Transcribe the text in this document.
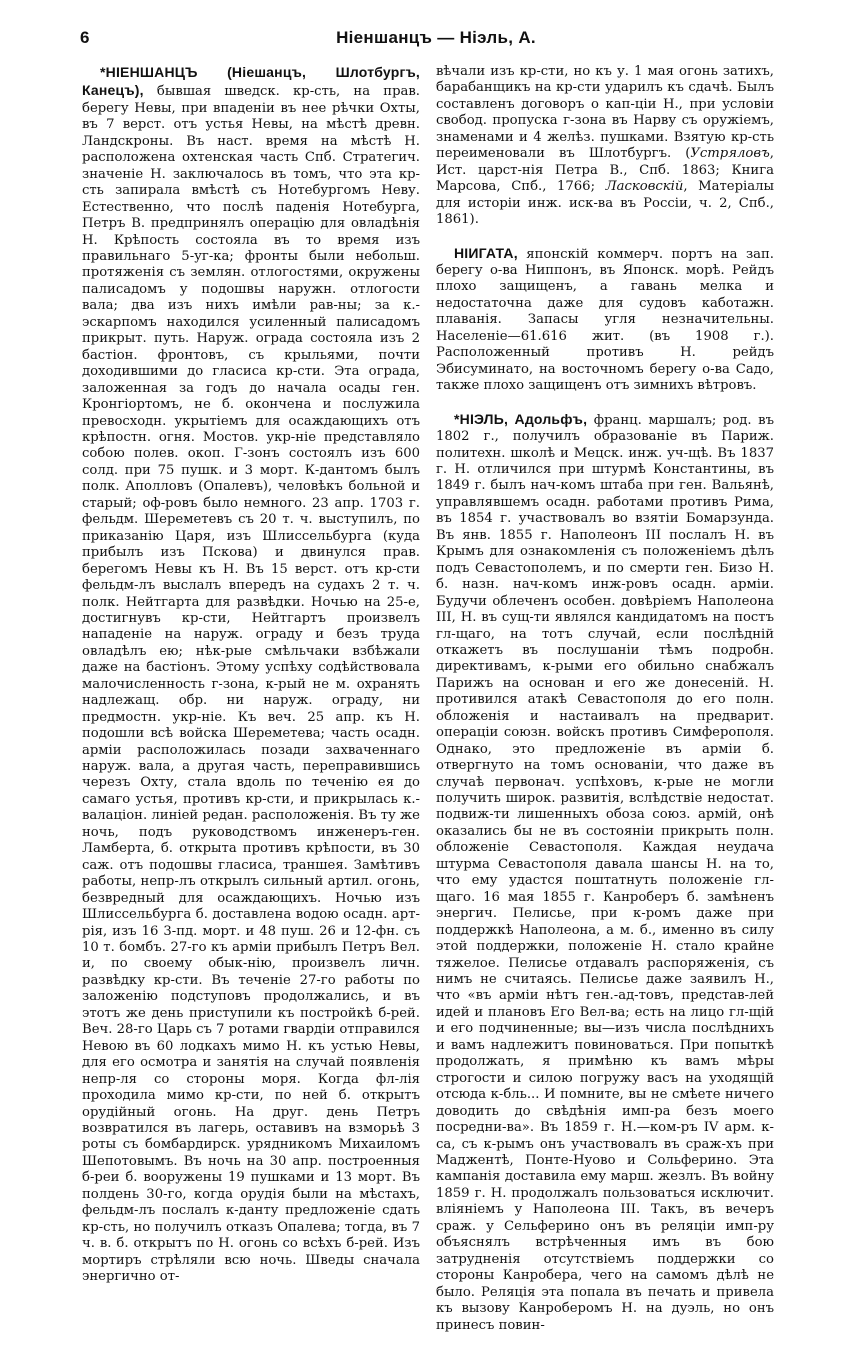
6	Ніеншанцъ — Ніэль, А.

*НІЕНШАНЦЪ (Ніешанцъ, Шлотбургъ, Канецъ), бывшая шведск. кр-сть, на прав. берегу Невы, при впаденіи въ нее рѣчки Охты, въ 7 верст. отъ устья Невы, на мѣстѣ древн. Ландскроны. Въ наст. время на мѣстѣ Н. расположена охтенская часть Спб. Стратегич. значеніе Н. заключалось въ томъ, что эта кр-сть запирала вмѣстѣ съ Нотебургомъ Неву. Естественно, что послѣ паденія Нотебурга, Петръ В. предпринялъ операцію для овладѣнія Н. Крѣпость состояла въ то время изъ правильнаго 5-уг-ка; фронты были небольш. протяженія съ землян. отлогостями, окружены палисадомъ у подошвы наружн. отлогости вала; два изъ нихъ имѣли рав-ны; за к.-эскарпомъ находился усиленный палисадомъ прикрыт. путь. Наруж. ограда состояла изъ 2 бастіон. фронтовъ, съ крыльями, почти доходившими до гласиса кр-сти. Эта ограда, заложенная за годъ до начала осады ген. Кронгіортомъ, не б. окончена и послужила превосходн. укрытіемъ для осаждающихъ отъ крѣпостн. огня. Мостов. укр-ніе представляло собою полев. окоп. Г-зонъ состоялъ изъ 600 солд. при 75 пушк. и 3 морт. К-дантомъ былъ полк. Аполловъ (Опалевъ), человѣкъ больной и старый; оф-ровъ было немного. 23 апр. 1703 г. фельдм. Шереметевъ съ 20 т. ч. выступилъ, по приказанію Царя, изъ Шлиссельбурга (куда прибылъ изъ Пскова) и двинулся прав. берегомъ Невы къ Н. Въ 15 верст. отъ кр-сти фельдм-лъ выслалъ впередъ на судахъ 2 т. ч. полк. Нейтгарта для развѣдки. Ночью на 25-е, достигнувъ кр-сти, Нейтгартъ произвелъ нападеніе на наруж. ограду и безъ труда овладѣлъ ею; нѣк-рые смѣльчаки взбѣжали даже на бастіонъ. Этому успѣху содѣйствовала малочисленность г-зона, к-рый не м. охранять надлежащ. обр. ни наруж. ограду, ни предмостн. укр-ніе. Къ веч. 25 апр. къ Н. подошли всѣ войска Шереметева; часть осадн. арміи расположилась позади захваченнаго наруж. вала, а другая часть, переправившись черезъ Охту, стала вдоль по теченію ея до самаго устья, противъ кр-сти, и прикрылась к.-валаціон. линіей редан. расположенія. Въ ту же ночь, подъ руководствомъ инженеръ-ген. Ламберта, б. открыта противъ крѣпости, въ 30 саж. отъ подошвы гласиса, траншея. Замѣтивъ работы, непр-лъ открылъ сильный артил. огонь, безвредный для осаждающихъ. Ночью изъ Шлиссельбурга б. доставлена водою осадн. арт-рія, изъ 16 3-пд. морт. и 48 пуш. 26 и 12-фн. съ 10 т. бомбъ. 27-го къ арміи прибылъ Петръ Вел. и, по своему обык-нію, произвелъ личн. развѣдку кр-сти. Въ теченіе 27-го работы по заложенію подступовъ продолжались, и въ этотъ же день приступили къ постройкѣ б-рей. Веч. 28-го Царь съ 7 ротами гвардіи отправился Невою въ 60 лодкахъ мимо Н. къ устью Невы, для его осмотра и занятія на случай появленія непр-ля со стороны моря. Когда фл-лія проходила мимо кр-сти, по ней б. открытъ орудійный огонь. На друг. день Петръ возвратился въ лагерь, оставивъ на взморьѣ 3 роты съ бомбардирск. урядникомъ Михаиломъ Шепотовымъ. Въ ночь на 30 апр. построенныя б-реи б. вооружены 19 пушками и 13 морт. Въ полдень 30-го, когда орудія были на мѣстахъ, фельдм-лъ послалъ к-данту предложеніе сдать кр-сть, но получилъ отказъ Опалева; тогда, въ 7 ч. в. б. открытъ по Н. огонь со всѣхъ б-рей. Изъ мортиръ стрѣляли всю ночь. Шведы сначала энергично от-

вѣчали изъ кр-сти, но къ у. 1 мая огонь затихъ, барабанщикъ на кр-сти ударилъ къ сдачѣ. Былъ составленъ договоръ о кап-ціи Н., при условіи свобод. пропуска г-зона въ Нарву съ оружіемъ, знаменами и 4 желѣз. пушками. Взятую кр-сть переименовали въ Шлотбургъ. (Устряловъ, Ист. царст-нія Петра В., Спб. 1863; Книга Марсова, Спб., 1766; Ласковскій, Матеріалы для исторіи инж. иск-ва въ Россіи, ч. 2, Спб., 1861).

НІИГАТА, японскій коммерч. портъ на зап. берегу о-ва Ниппонъ, въ Японск. морѣ. Рейдъ плохо защищенъ, а гавань мелка и недостаточна даже для судовъ каботажн. плаванія. Запасы угля незначительны. Населеніе—61.616 жит. (въ 1908 г.). Расположенный противъ Н. рейдъ Эбисуминато, на восточномъ берегу о-ва Садо, также плохо защищенъ отъ зимнихъ вѣтровъ.

*НІЭЛЬ, Адольфъ, франц. маршалъ; род. въ 1802 г., получилъ образованіе въ Париж. политехн. школѣ и Мецск. инж. уч-щѣ. Въ 1837 г. Н. отличился при штурмѣ Константины, въ 1849 г. былъ нач-комъ штаба при ген. Вальянѣ, управлявшемъ осадн. работами противъ Рима, въ 1854 г. участвовалъ во взятіи Бомарзунда. Въ янв. 1855 г. Наполеонъ III послалъ Н. въ Крымъ для ознакомленія съ положеніемъ дѣлъ подъ Севастополемъ, и по смерти ген. Бизо Н. б. назн. нач-комъ инж-ровъ осадн. арміи. Будучи облеченъ особен. довѣріемъ Наполеона III, Н. въ сущ-ти являлся кандидатомъ на постъ гл-щаго, на тотъ случай, если послѣдній откажетъ въ послушаніи тѣмъ подробн. директивамъ, к-рыми его обильно снабжалъ Парижъ на основан и его же донесеній. Н. противился атакѣ Севастополя до его полн. обложенія и настаивалъ на предварит. операціи союзн. войскъ противъ Симферополя. Однако, это предложеніе въ арміи б. отвергнуто на томъ основаніи, что даже въ случаѣ первонач. успѣховъ, к-рые не могли получить широк. развитія, вслѣдствіе недостат. подвиж-ти лишенныхъ обоза союз. армій, онѣ оказались бы не въ состояніи прикрыть полн. обложеніе Севастополя. Каждая неудача штурма Севастополя давала шансы Н. на то, что ему удастся поштатнуть положеніе гл-щаго. 16 мая 1855 г. Канроберъ б. замѣненъ энергич. Пелисье, при к-ромъ даже при поддержкѣ Наполеона, а м. б., именно въ силу этой поддержки, положеніе Н. стало крайне тяжелое. Пелисье отдавалъ распоряженія, съ нимъ не считаясь. Пелисье даже заявилъ Н., что «въ арміи нѣтъ ген.-ад-товъ, представ-лей идей и плановъ Его Вел-ва; есть на лицо гл-щій и его подчиненные; вы—изъ числа послѣднихъ и вамъ надлежитъ повиноваться. При попыткѣ продолжать, я примѣню къ вамъ мѣры строгости и силою погружу васъ на уходящій отсюда к-бль... И помните, вы не смѣете ничего доводить до свѣдѣнія имп-ра безъ моего посредни-ва». Въ 1859 г. Н.—ком-ръ IV арм. к-са, съ к-рымъ онъ участвовалъ въ сраж-хъ при Маджентѣ, Понте-Нуово и Сольферино. Эта кампанія доставила ему марш. жезлъ. Въ войну 1859 г. Н. продолжалъ пользоваться исключит. вліяніемъ у Наполеона III. Такъ, въ вечеръ сраж. у Сельферино онъ въ реляціи имп-ру объяснялъ встрѣченныя имъ въ бою затрудненія отсутствіемъ поддержки со стороны Канробера, чего на самомъ дѣлѣ не было. Реляція эта попала въ печать и привела къ вызову Канроберомъ Н. на дуэль, но онъ принесъ повин-
